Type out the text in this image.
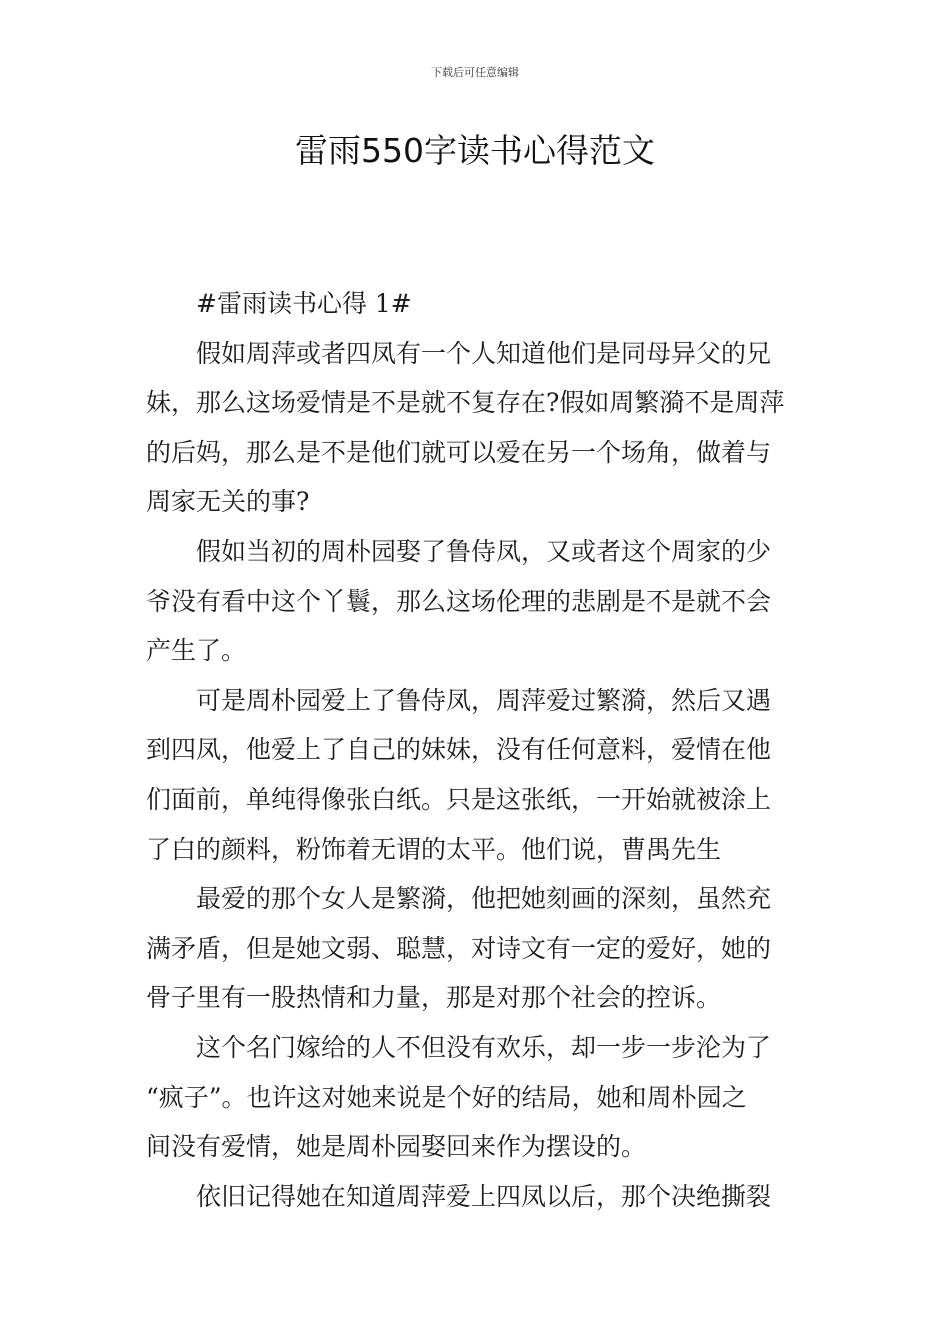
下载后可任意编辑
雷雨550字读书心得范文
#雷雨读书心得 1#
假如周萍或者四凤有一个人知道他们是同母异父的兄
妹，那么这场爱情是不是就不复存在?假如周繁漪不是周萍
的后妈，那么是不是他们就可以爱在另一个场角，做着与
周家无关的事?
假如当初的周朴园娶了鲁侍凤，又或者这个周家的少
爷没有看中这个丫鬟，那么这场伦理的悲剧是不是就不会
产生了。
可是周朴园爱上了鲁侍凤，周萍爱过繁漪，然后又遇
到四凤，他爱上了自己的妹妹，没有任何意料，爱情在他
们面前，单纯得像张白纸。只是这张纸，一开始就被涂上
了白的颜料，粉饰着无谓的太平。他们说，曹禺先生
最爱的那个女人是繁漪，他把她刻画的深刻，虽然充
满矛盾，但是她文弱、聪慧，对诗文有一定的爱好，她的
骨子里有一股热情和力量，那是对那个社会的控诉。
这个名门嫁给的人不但没有欢乐，却一步一步沦为了
“疯子”。也许这对她来说是个好的结局，她和周朴园之
间没有爱情，她是周朴园娶回来作为摆设的。
依旧记得她在知道周萍爱上四凤以后，那个决绝撕裂
